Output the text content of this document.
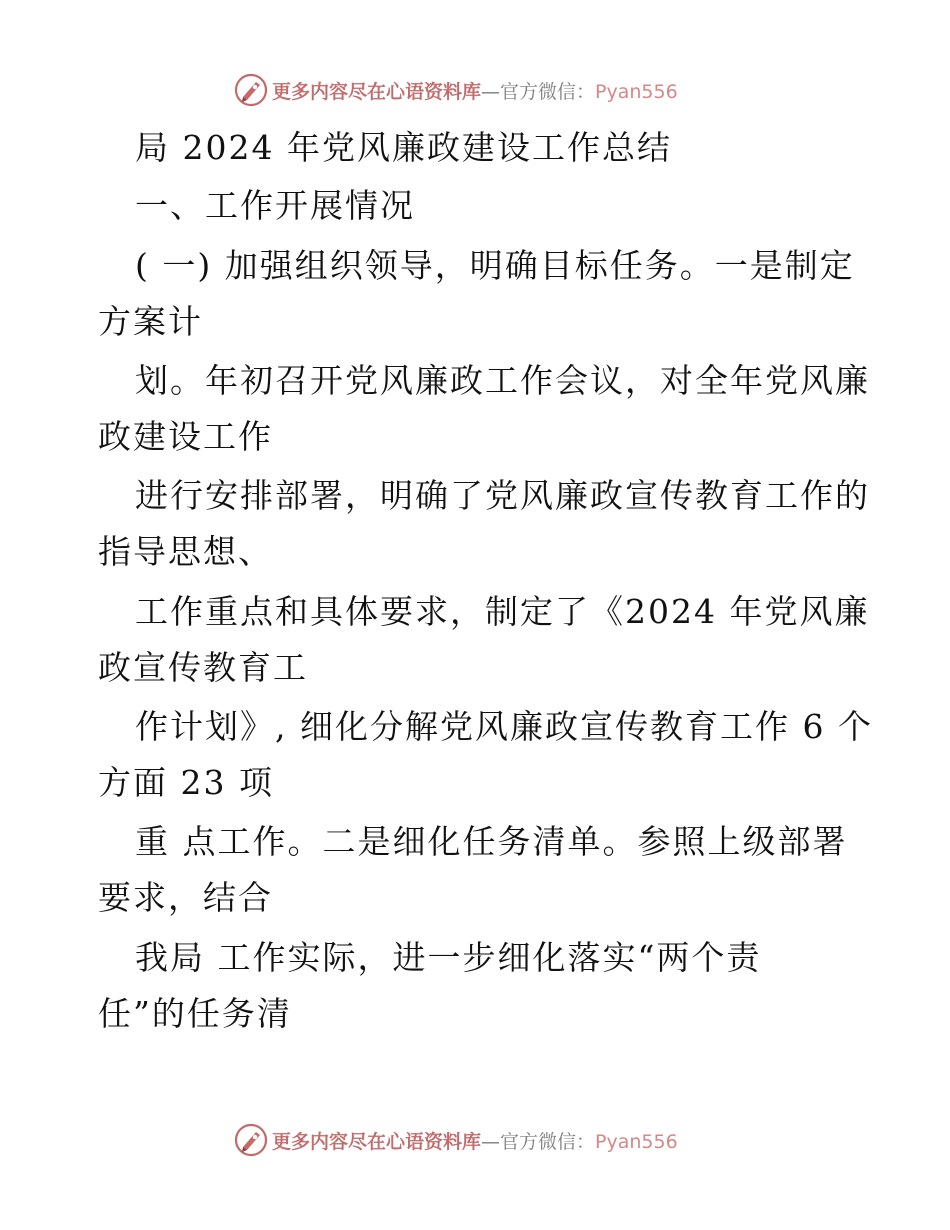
更多内容尽在心语资料库—官方微信：Pyan556
局 2024 年党风廉政建设工作总结
一、工作开展情况
( 一) 加强组织领导，明确目标任务。一是制定
方案计
划。年初召开党风廉政工作会议，对全年党风廉
政建设工作
进行安排部署，明确了党风廉政宣传教育工作的
指导思想、
工作重点和具体要求，制定了《2024 年党风廉
政宣传教育工
作计划》, 细化分解党风廉政宣传教育工作 6 个
方面 23 项
重 点工作。二是细化任务清单。参照上级部署
要求，结合
我局 工作实际，进一步细化落实“两个责
任”的任务清
更多内容尽在心语资料库—官方微信：Pyan556
